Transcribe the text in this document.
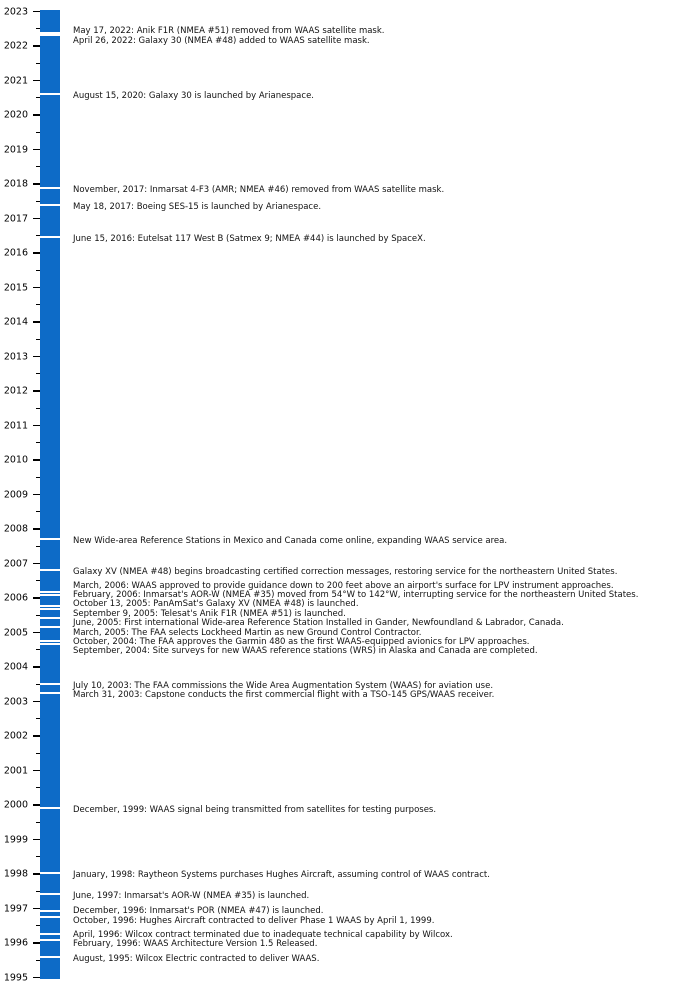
2023
2022
2021
2020
2019
2018
2017
2016
2015
2014
2013
2012
2011
2010
2009
2008
2007
2006
2005
2004
2003
2002
2001
2000
1999
1998
1997
1996
1995
May 17, 2022: Anik F1R (NMEA #51) removed from WAAS satellite mask.
April 26, 2022: Galaxy 30 (NMEA #48) added to WAAS satellite mask.
August 15, 2020: Galaxy 30 is launched by Arianespace.
November, 2017: Inmarsat 4-F3 (AMR; NMEA #46) removed from WAAS satellite mask.
May 18, 2017: Boeing SES-15 is launched by Arianespace.
June 15, 2016: Eutelsat 117 West B (Satmex 9; NMEA #44) is launched by SpaceX.
New Wide-area Reference Stations in Mexico and Canada come online, expanding WAAS service area.
Galaxy XV (NMEA #48) begins broadcasting certified correction messages, restoring service for the northeastern United States.
March, 2006: WAAS approved to provide guidance down to 200 feet above an airport's surface for LPV instrument approaches.
February, 2006: Inmarsat's AOR-W (NMEA #35) moved from 54°W to 142°W, interrupting service for the northeastern United States.
October 13, 2005: PanAmSat's Galaxy XV (NMEA #48) is launched.
September 9, 2005: Telesat's Anik F1R (NMEA #51) is launched.
June, 2005: First international Wide-area Reference Station Installed in Gander, Newfoundland & Labrador, Canada.
March, 2005: The FAA selects Lockheed Martin as new Ground Control Contractor.
October, 2004: The FAA approves the Garmin 480 as the first WAAS-equipped avionics for LPV approaches.
September, 2004: Site surveys for new WAAS reference stations (WRS) in Alaska and Canada are completed.
July 10, 2003: The FAA commissions the Wide Area Augmentation System (WAAS) for aviation use.
March 31, 2003: Capstone conducts the first commercial flight with a TSO-145 GPS/WAAS receiver.
December, 1999: WAAS signal being transmitted from satellites for testing purposes.
January, 1998: Raytheon Systems purchases Hughes Aircraft, assuming control of WAAS contract.
June, 1997: Inmarsat's AOR-W (NMEA #35) is launched.
December, 1996: Inmarsat's POR (NMEA #47) is launched.
October, 1996: Hughes Aircraft contracted to deliver Phase 1 WAAS by April 1, 1999.
April, 1996: Wilcox contract terminated due to inadequate technical capability by Wilcox.
February, 1996: WAAS Architecture Version 1.5 Released.
August, 1995: Wilcox Electric contracted to deliver WAAS.
